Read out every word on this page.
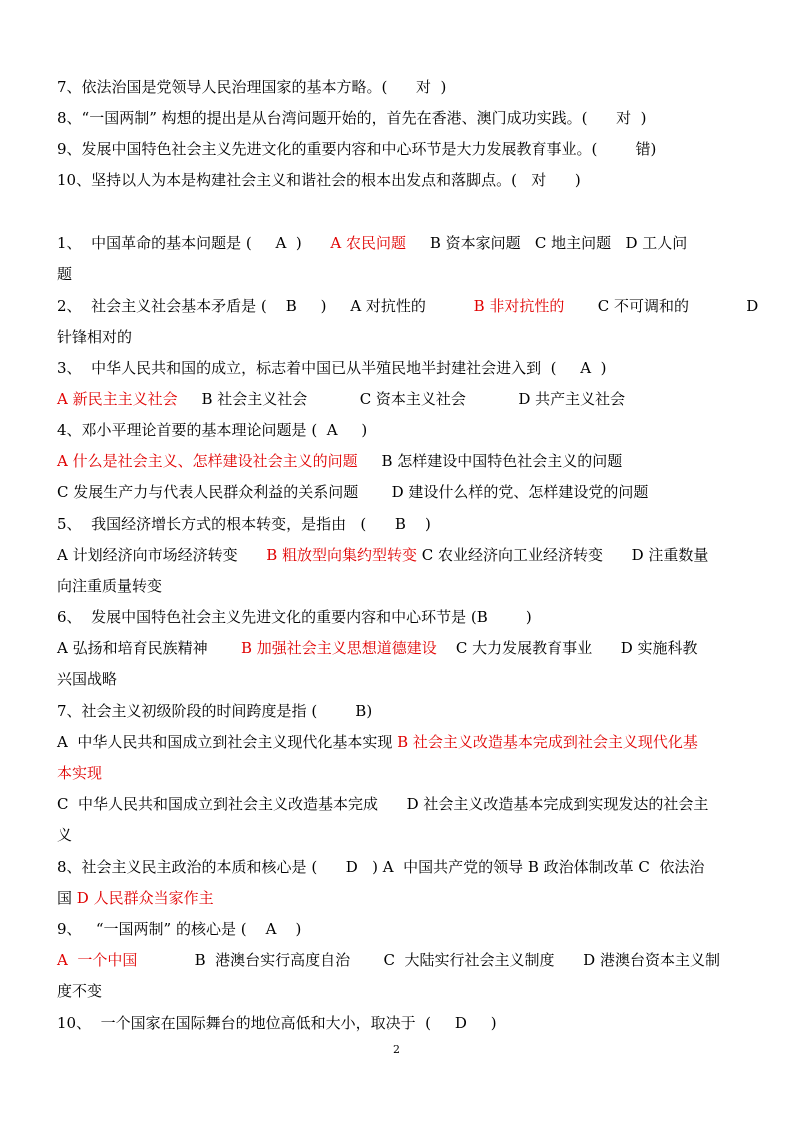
7、依法治国是党领导人民治理国家的基本方略。(      对  )
8、“一国两制” 构想的提出是从台湾问题开始的，首先在香港、澳门成功实践。(      对  )
9、发展中国特色社会主义先进文化的重要内容和中心环节是大力发展教育事业。(        错)
10、坚持以人为本是构建社会主义和谐社会的根本出发点和落脚点。(   对      )
1、  中国革命的基本问题是 (     A  )      A 农民问题     B 资本家问题   C 地主问题   D 工人问
题
2、  社会主义社会基本矛盾是 (    B     )     A 对抗性的          B 非对抗性的       C 不可调和的            D
针锋相对的
3、  中华人民共和国的成立，标志着中国已从半殖民地半封建社会进入到  (     A  )
A 新民主主义社会     B 社会主义社会           C 资本主义社会           D 共产主义社会
4、邓小平理论首要的基本理论问题是 (  A     )
A 什么是社会主义、怎样建设社会主义的问题     B 怎样建设中国特色社会主义的问题
C 发展生产力与代表人民群众利益的关系问题       D 建设什么样的党、怎样建设党的问题
5、  我国经济增长方式的根本转变，是指由   (      B    )
A 计划经济向市场经济转变      B 粗放型向集约型转变 C 农业经济向工业经济转变      D 注重数量
向注重质量转变
6、  发展中国特色社会主义先进文化的重要内容和中心环节是 (B        )
A 弘扬和培育民族精神       B 加强社会主义思想道德建设    C 大力发展教育事业      D 实施科教
兴国战略
7、社会主义初级阶段的时间跨度是指 (        B)
A  中华人民共和国成立到社会主义现代化基本实现 B 社会主义改造基本完成到社会主义现代化基
本实现
C  中华人民共和国成立到社会主义改造基本完成      D 社会主义改造基本完成到实现发达的社会主
义
8、社会主义民主政治的本质和核心是 (      D   ) A  中国共产党的领导 B 政治体制改革 C  依法治
国 D 人民群众当家作主
9、   “一国两制” 的核心是 (    A    )
A  一个中国            B  港澳台实行高度自治       C  大陆实行社会主义制度      D 港澳台资本主义制
度不变
10、  一个国家在国际舞台的地位高低和大小，取决于  (     D     )
2
